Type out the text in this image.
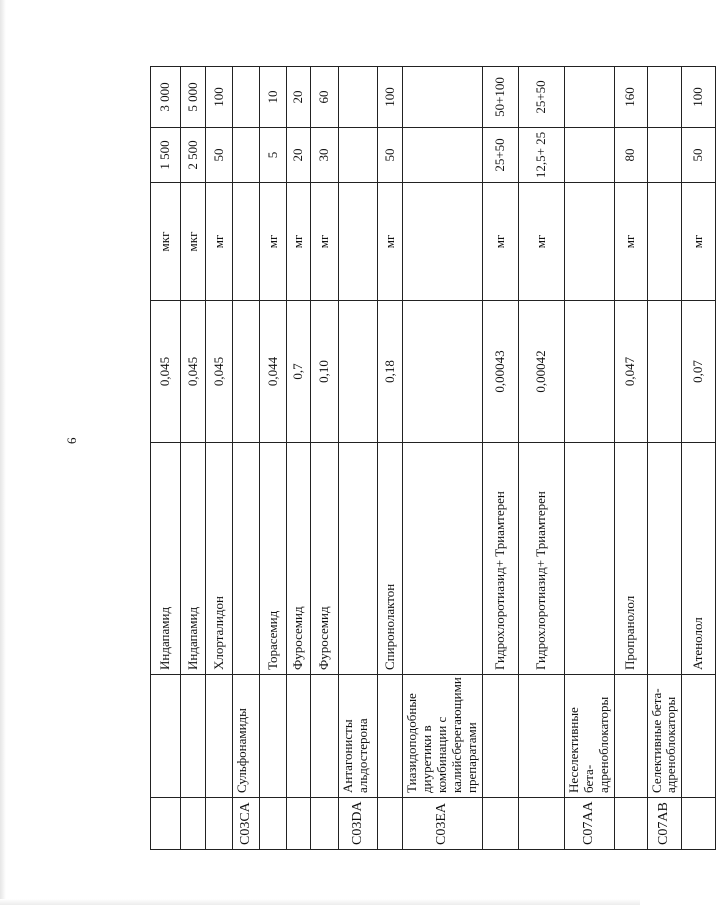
6
		Индапамид	0,045	мкг	1 500	3 000
		Индапамид	0,045	мкг	2 500	5 000
		Хлорталидон	0,045	мг	50	100
C03CA	Сульфонамиды					
		Торасемид	0,044	мг	5	10
		Фуросемид	0,7	мг	20	20
		Фуросемид	0,10	мг	30	60
C03DA	Антагонисты альдостерона					
		Спиронолактон	0,18	мг	50	100
C03EA	Тиазидоподобные диуретики в комбинации с калийсберегающими препаратами					
		Гидрохлоротиазид+ Триамтерен	0,00043	мг	25+50	50+100
		Гидрохлоротиазид+ Триамтерен	0,00042	мг	12,5+ 25	25+50
C07AA	Неселективные бета-адреноблокаторы					
		Пропранолол	0,047	мг	80	160
C07AB	Селективные бета-адреноблокаторы					
		Атенолол	0,07	мг	50	100
